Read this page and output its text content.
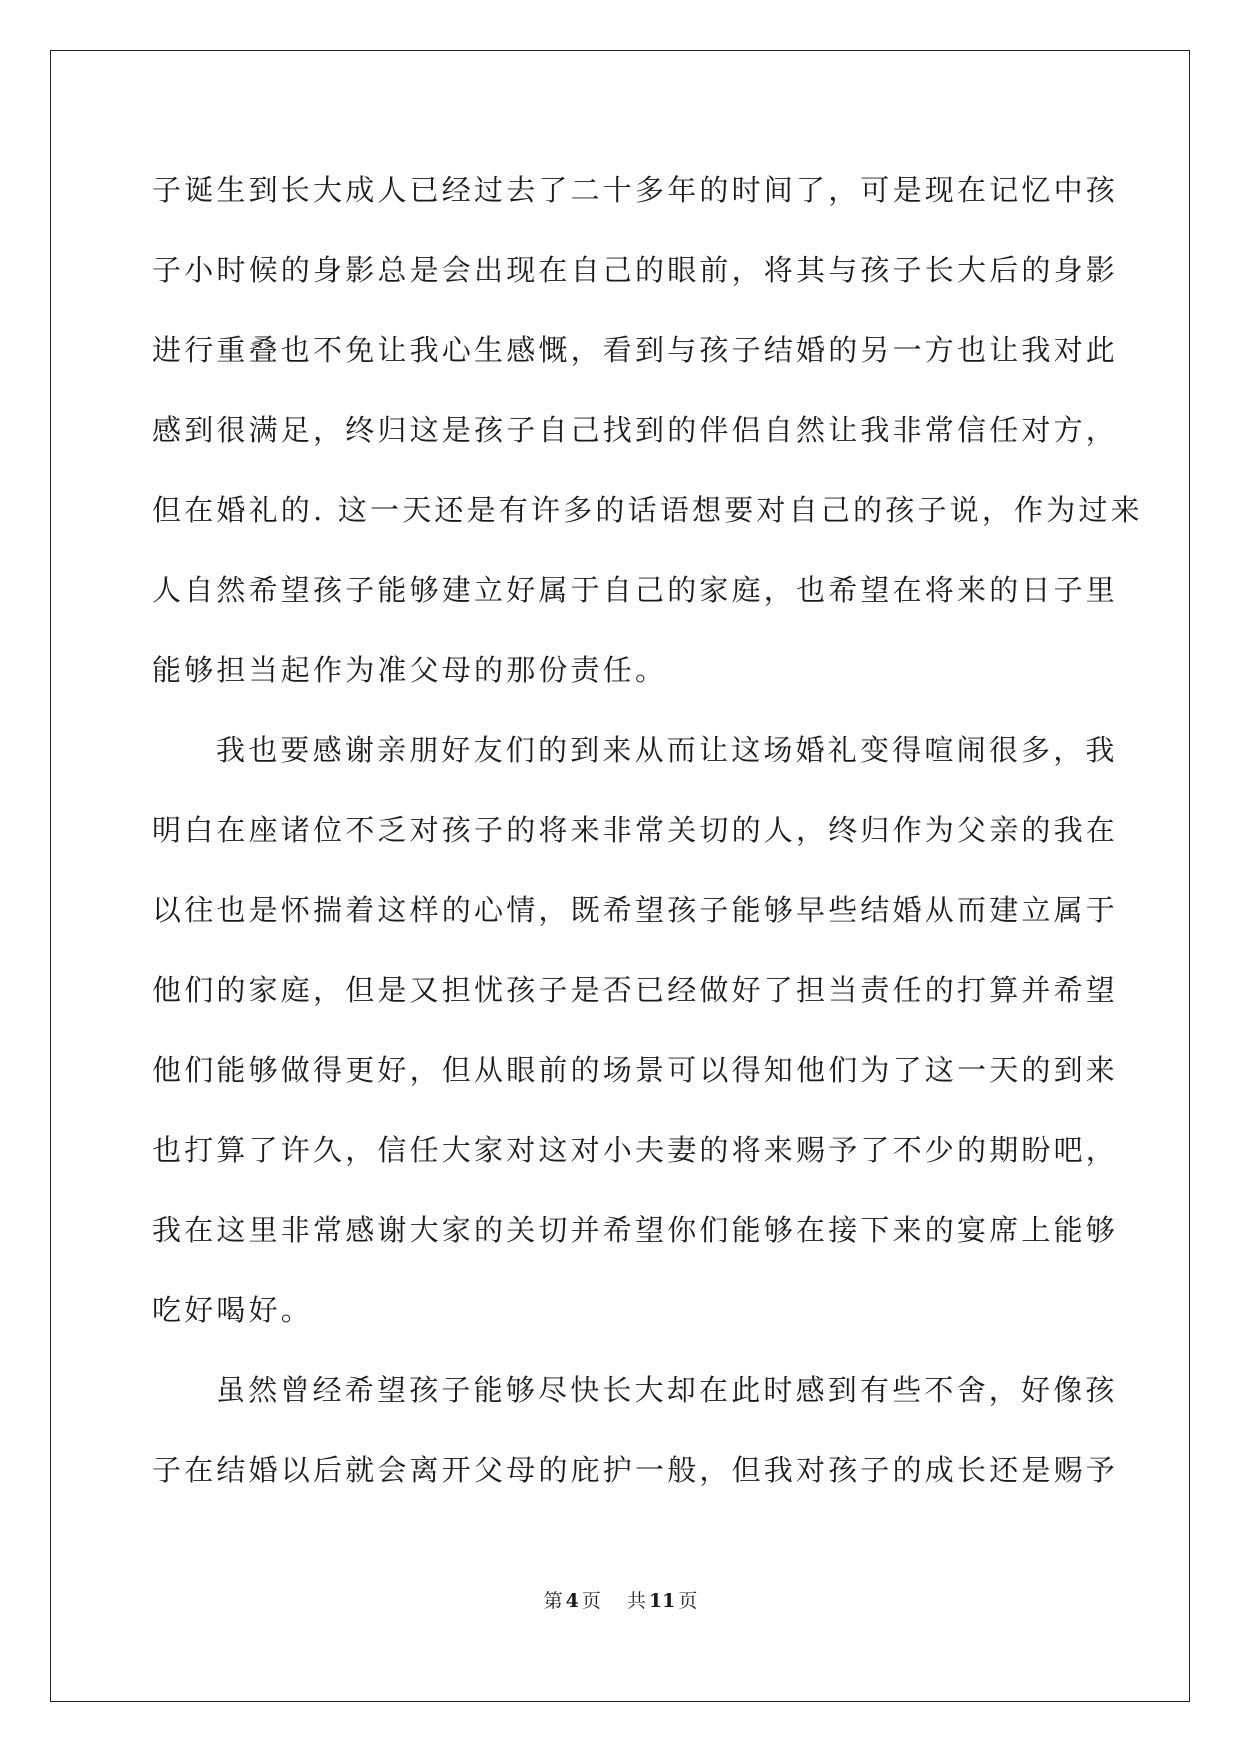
子诞生到长大成人已经过去了二十多年的时间了，可是现在记忆中孩
子小时候的身影总是会出现在自己的眼前，将其与孩子长大后的身影
进行重叠也不免让我心生感慨，看到与孩子结婚的另一方也让我对此
感到很满足，终归这是孩子自己找到的伴侣自然让我非常信任对方，
但在婚礼的. 这一天还是有许多的话语想要对自己的孩子说，作为过来
人自然希望孩子能够建立好属于自己的家庭，也希望在将来的日子里
能够担当起作为准父母的那份责任。
我也要感谢亲朋好友们的到来从而让这场婚礼变得喧闹很多，我
明白在座诸位不乏对孩子的将来非常关切的人，终归作为父亲的我在
以往也是怀揣着这样的心情，既希望孩子能够早些结婚从而建立属于
他们的家庭，但是又担忧孩子是否已经做好了担当责任的打算并希望
他们能够做得更好，但从眼前的场景可以得知他们为了这一天的到来
也打算了许久，信任大家对这对小夫妻的将来赐予了不少的期盼吧，
我在这里非常感谢大家的关切并希望你们能够在接下来的宴席上能够
吃好喝好。
虽然曾经希望孩子能够尽快长大却在此时感到有些不舍，好像孩
子在结婚以后就会离开父母的庇护一般，但我对孩子的成长还是赐予
第 4 页 共 11 页
